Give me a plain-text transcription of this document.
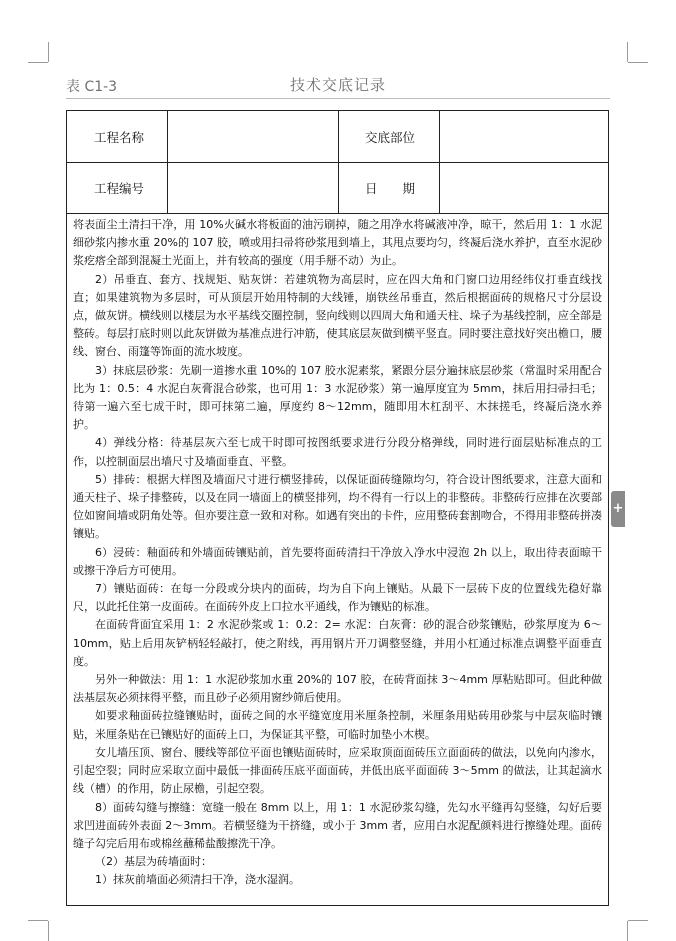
技术交底记录
表 C1-3
工程名称	交底部位
工程编号	日　　期

将表面尘土清扫干净，用 10%火碱水将板面的油污刷掉，随之用净水将碱液冲净，晾干，然后用 1：1 水泥细砂浆内掺水重 20%的 107 胶，喷或用扫帚将砂浆甩到墙上，其甩点要均匀，终凝后浇水养护，直至水泥砂浆疙瘩全部到混凝土光面上，并有较高的强度（用手掰不动）为止。

2）吊垂直、套方、找规矩、贴灰饼：若建筑物为高层时，应在四大角和门窗口边用经纬仪打垂直线找直；如果建筑物为多层时，可从顶层开始用特制的大线锤，崩铁丝吊垂直，然后根据面砖的规格尺寸分层设点，做灰饼。横线则以楼层为水平基线交圈控制，竖向线则以四周大角和通天柱、垛子为基线控制，应全部是整砖。每层打底时则以此灰饼做为基准点进行冲筋，使其底层灰做到横平竖直。同时要注意找好突出檐口，腰线、窗台、雨篷等饰面的流水坡度。

3）抹底层砂浆：先刷一道掺水重 10%的 107 胶水泥素浆，紧跟分层分遍抹底层砂浆（常温时采用配合比为 1：0.5：4 水泥白灰膏混合砂浆，也可用 1：3 水泥砂浆）第一遍厚度宜为 5mm，抹后用扫帚扫毛；待第一遍六至七成干时，即可抹第二遍，厚度约 8～12mm，随即用木杠刮平、木抹搓毛，终凝后浇水养护。

4）弹线分格：待基层灰六至七成干时即可按图纸要求进行分段分格弹线，同时进行面层贴标准点的工作，以控制面层出墙尺寸及墙面垂直、平整。

5）排砖：根据大样图及墙面尺寸进行横竖排砖，以保证面砖缝隙均匀，符合设计图纸要求，注意大面和通天柱子、垛子排整砖，以及在同一墙面上的横竖排列，均不得有一行以上的非整砖。非整砖行应排在次要部位如窗间墙或阴角处等。但亦要注意一致和对称。如遇有突出的卡件，应用整砖套割吻合，不得用非整砖拼凑镶贴。

6）浸砖：釉面砖和外墙面砖镶贴前，首先要将面砖清扫干净放入净水中浸泡 2h 以上，取出待表面晾干或擦干净后方可使用。

7）镶贴面砖：在每一分段或分块内的面砖，均为自下向上镶贴。从最下一层砖下皮的位置线先稳好靠尺，以此托住第一皮面砖。在面砖外皮上口拉水平通线，作为镶贴的标准。

在面砖背面宜采用 1：2 水泥砂浆或 1：0.2：2= 水泥：白灰膏：砂的混合砂浆镶贴，砂浆厚度为 6～10mm，贴上后用灰铲柄轻轻敲打，使之附线，再用钢片开刀调整竖缝，并用小杠通过标准点调整平面垂直度。

另外一种做法：用 1：1 水泥砂浆加水重 20%的 107 胶，在砖背面抹 3～4mm 厚粘贴即可。但此种做法基层灰必须抹得平整，而且砂子必须用窗纱筛后使用。

如要求釉面砖拉缝镶贴时，面砖之间的水平缝宽度用米厘条控制，米厘条用贴砖用砂浆与中层灰临时镶贴，米厘条贴在已镶贴好的面砖上口，为保证其平整，可临时加垫小木楔。

女儿墙压顶、窗台、腰线等部位平面也镶贴面砖时，应采取顶面面砖压立面面砖的做法，以免向内渗水，引起空裂；同时应采取立面中最低一排面砖压底平面面砖，并低出底平面面砖 3～5mm 的做法，让其起滴水线（槽）的作用，防止尿檐，引起空裂。

8）面砖勾缝与擦缝：宽缝一般在 8mm 以上，用 1：1 水泥砂浆勾缝，先勾水平缝再勾竖缝，勾好后要求凹进面砖外表面 2～3mm。若横竖缝为干挤缝，或小于 3mm 者，应用白水泥配颜料进行擦缝处理。面砖缝子勾完后用布或棉丝蘸稀盐酸擦洗干净。

（2）基层为砖墙面时：

1）抹灰前墙面必须清扫干净，浇水湿润。

+
